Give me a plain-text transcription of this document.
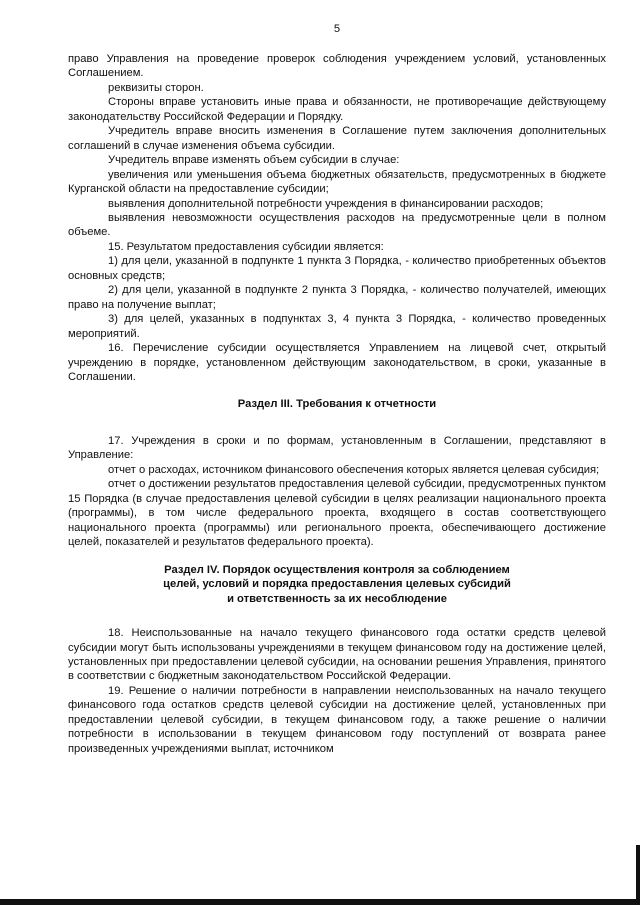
5

право Управления на проведение проверок соблюдения учреждением условий, установленных Соглашением.

реквизиты сторон.

Стороны вправе установить иные права и обязанности, не противоречащие действующему законодательству Российской Федерации и Порядку.

Учредитель вправе вносить изменения в Соглашение путем заключения дополнительных соглашений в случае изменения объема субсидии.

Учредитель вправе изменять объем субсидии в случае:

увеличения или уменьшения объема бюджетных обязательств, предусмотренных в бюджете Курганской области на предоставление субсидии;

выявления дополнительной потребности учреждения в финансировании расходов;

выявления невозможности осуществления расходов на предусмотренные цели в полном объеме.

15. Результатом предоставления субсидии является:

1) для цели, указанной в подпункте 1 пункта 3 Порядка, - количество приобретенных объектов основных средств;

2) для цели, указанной в подпункте 2 пункта 3 Порядка, - количество получателей, имеющих право на получение выплат;

3) для целей, указанных в подпунктах 3, 4 пункта 3 Порядка, - количество проведенных мероприятий.

16. Перечисление субсидии осуществляется Управлением на лицевой счет, открытый учреждению в порядке, установленном действующим законодательством, в сроки, указанные в Соглашении.

Раздел III. Требования к отчетности

17. Учреждения в сроки и по формам, установленным в Соглашении, представляют в Управление:

отчет о расходах, источником финансового обеспечения которых является целевая субсидия;

отчет о достижении результатов предоставления целевой субсидии, предусмотренных пунктом 15 Порядка (в случае предоставления целевой субсидии в целях реализации национального проекта (программы), в том числе федерального проекта, входящего в состав соответствующего национального проекта (программы) или регионального проекта, обеспечивающего достижение целей, показателей и результатов федерального проекта).

Раздел IV. Порядок осуществления контроля за соблюдением
целей, условий и порядка предоставления целевых субсидий
и ответственность за их несоблюдение

18. Неиспользованные на начало текущего финансового года остатки средств целевой субсидии могут быть использованы учреждениями в текущем финансовом году на достижение целей, установленных при предоставлении целевой субсидии, на основании решения Управления, принятого в соответствии с бюджетным законодательством Российской Федерации.

19. Решение о наличии потребности в направлении неиспользованных на начало текущего финансового года остатков средств целевой субсидии на достижение целей, установленных при предоставлении целевой субсидии, в текущем финансовом году, а также решение о наличии потребности в использовании в текущем финансовом году поступлений от возврата ранее произведенных учреждениями выплат, источником
